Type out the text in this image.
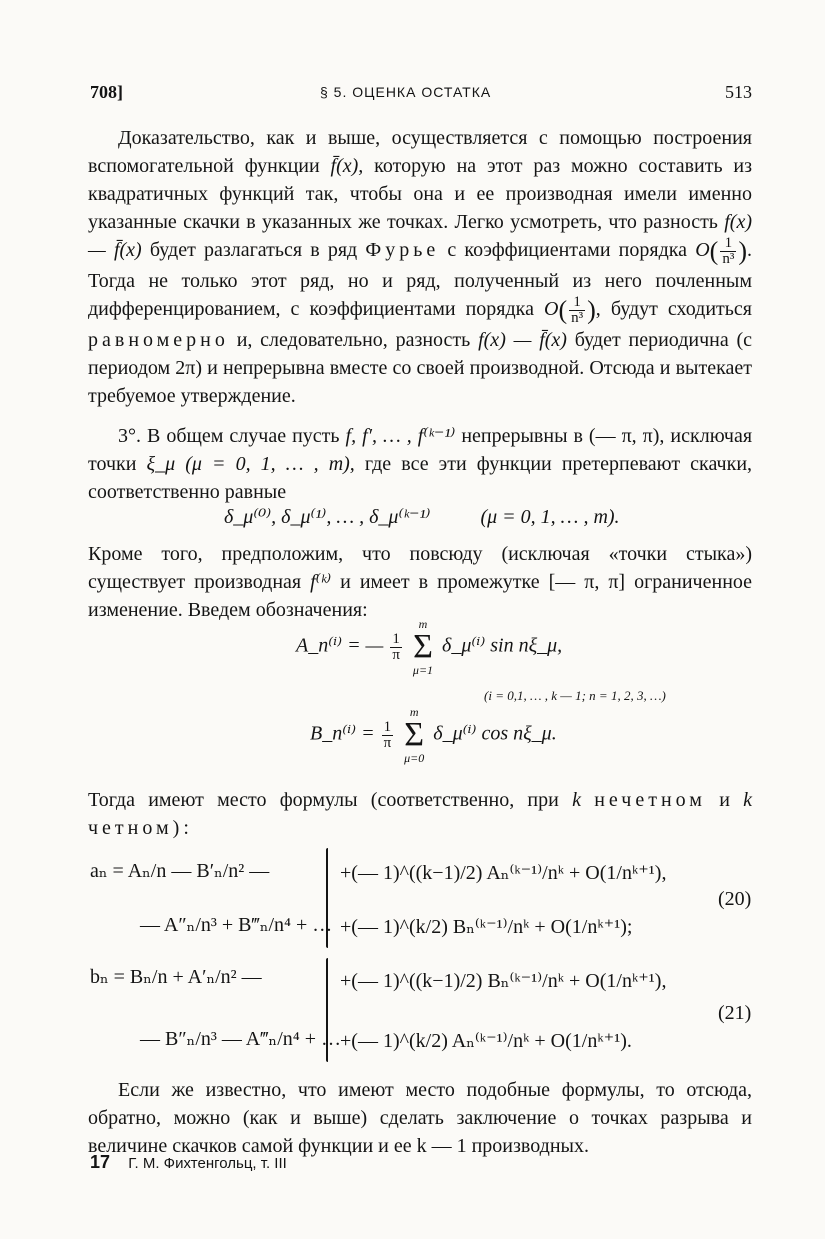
708]	§ 5. ОЦЕНКА ОСТАТКА	513
Доказательство, как и выше, осуществляется с помощью построения вспомогательной функции f̄(x), которую на этот раз можно составить из квадратичных функций так, чтобы она и ее производная имели именно указанные скачки в указанных же точках. Легко усмотреть, что разность f(x) — f̄(x) будет разлагаться в ряд Фурье с коэффициентами порядка $O( \frac{1}{\text{n³}}$ ). Тогда не только этот ряд, но и ряд, полученный из него почленным дифференцированием, с коэффициентами порядка $O( \frac{1}{\text{n³}}$ ), будут сходиться равномерно и, следовательно, разность f(x) — f̄(x) будет периодична (с периодом 2π) и непрерывна вместе со своей производной. Отсюда и вытекает требуемое утверждение.
3°. В общем случае пусть f, f′, … , f⁽ᵏ⁻¹⁾ непрерывны в (— π, π), исключая точки ξ_μ (μ = 0, 1, … , m), где все эти функции претерпевают скачки, соответственно равные
δ_μ⁽⁰⁾, δ_μ⁽¹⁾, … , δ_μ⁽ᵏ⁻¹⁾	(μ = 0, 1, … , m).
Кроме того, предположим, что повсюду (исключая «точки стыка») существует производная f⁽ᵏ⁾ и имеет в промежутке [— π, π] ограниченное изменение. Введем обозначения:
A_n⁽ⁱ⁾ = — $\frac{1}{\pi}$
m
Σ
μ=1 δ_μ⁽ⁱ⁾ sin nξ_μ,
(i = 0,1, … , k — 1; n = 1, 2, 3, …)
B_n⁽ⁱ⁾ = $\frac{1}{\pi}$
m
Σ
μ=0 δ_μ⁽ⁱ⁾ cos nξ_μ.
Тогда имеют место формулы (соответственно, при k нечетном и k четном):
aₙ = Aₙ/n — B′ₙ/n² —
— A″ₙ/n³ + B‴ₙ/n⁴ + …
+(— 1)^((k−1)/2) Aₙ⁽ᵏ⁻¹⁾/nᵏ + O(1/nᵏ⁺¹),
+(— 1)^(k/2) Bₙ⁽ᵏ⁻¹⁾/nᵏ + O(1/nᵏ⁺¹);
(20)
bₙ = Bₙ/n + A′ₙ/n² —
— B″ₙ/n³ — A‴ₙ/n⁴ + …
+(— 1)^((k−1)/2) Bₙ⁽ᵏ⁻¹⁾/nᵏ + O(1/nᵏ⁺¹),
+(— 1)^(k/2) Aₙ⁽ᵏ⁻¹⁾/nᵏ + O(1/nᵏ⁺¹).
(21)
Если же известно, что имеют место подобные формулы, то отсюда, обратно, можно (как и выше) сделать заключение о точках разрыва и величине скачков самой функции и ее k — 1 производных.
17 Г. М. Фихтенгольц, т. III
